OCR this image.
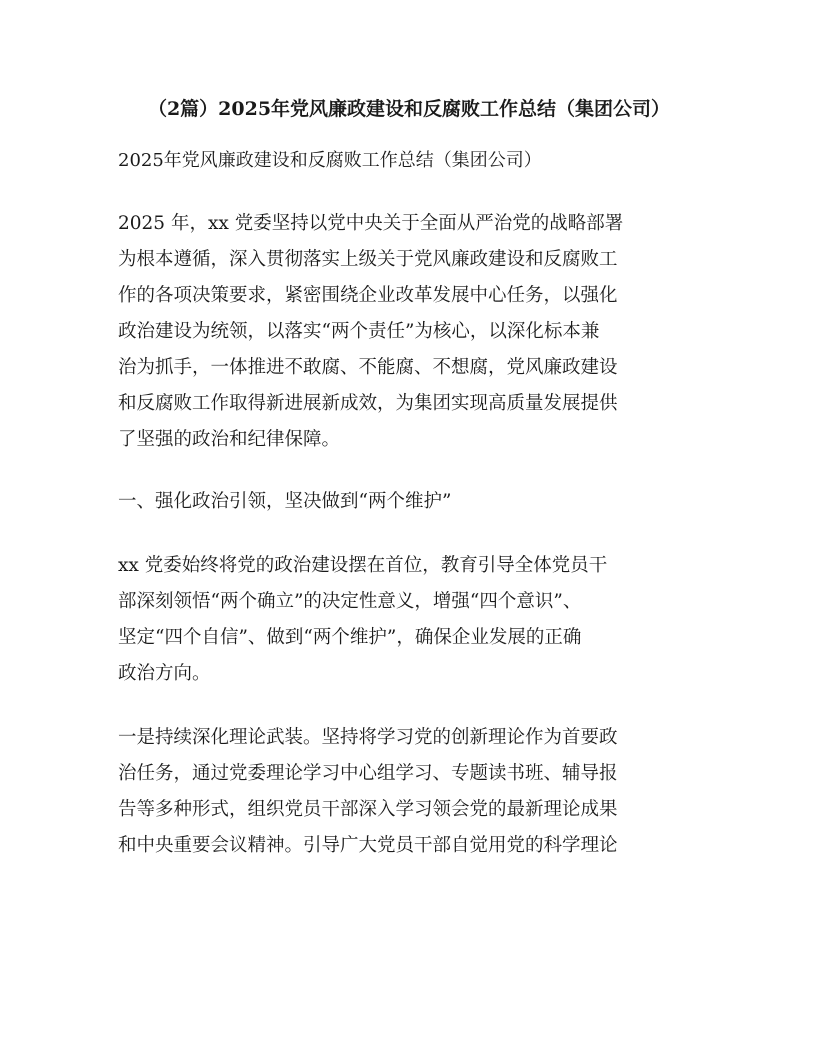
（2篇）2025年党风廉政建设和反腐败工作总结（集团公司）

2025年党风廉政建设和反腐败工作总结（集团公司）

2025 年，xx 党委坚持以党中央关于全面从严治党的战略部署
为根本遵循，深入贯彻落实上级关于党风廉政建设和反腐败工
作的各项决策要求，紧密围绕企业改革发展中心任务，以强化
政治建设为统领，以落实“两个责任”为核心，以深化标本兼
治为抓手，一体推进不敢腐、不能腐、不想腐，党风廉政建设
和反腐败工作取得新进展新成效，为集团实现高质量发展提供
了坚强的政治和纪律保障。

一、强化政治引领，坚决做到“两个维护”

xx 党委始终将党的政治建设摆在首位，教育引导全体党员干
部深刻领悟“两个确立”的决定性意义，增强“四个意识”、
坚定“四个自信”、做到“两个维护”，确保企业发展的正确
政治方向。

一是持续深化理论武装。坚持将学习党的创新理论作为首要政
治任务，通过党委理论学习中心组学习、专题读书班、辅导报
告等多种形式，组织党员干部深入学习领会党的最新理论成果
和中央重要会议精神。引导广大党员干部自觉用党的科学理论
